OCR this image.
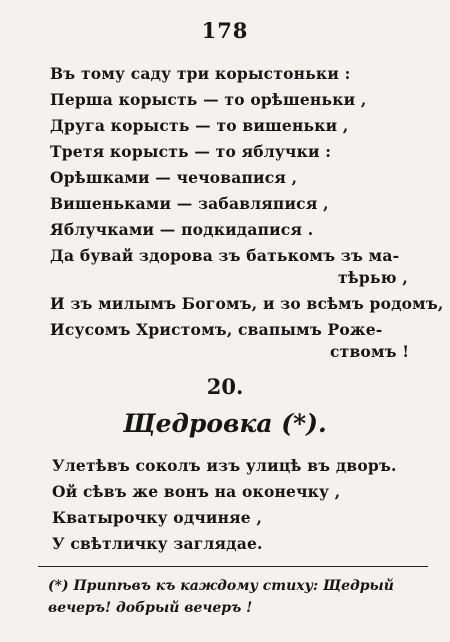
178
Въ тому саду три корыстоньки :
Перша корысть — то орѣшеньки ,
Друга корысть — то вишеньки ,
Третя корысть — то яблучки :
Орѣшками — чечовапися ,
Вишеньками — забавляпися ,
Яблучками — подкидапися .
Да бувай здорова зъ батькомъ зъ ма-
тѣрью ,
И зъ милымъ Богомъ, и зо всѣмъ родомъ,
Исусомъ Христомъ, свапымъ Роже-
ствомъ !
20.
Щедровка (*).
Улетѣвъ соколъ изъ улицѣ въ дворъ.
Ой сѣвъ же вонъ на оконечку ,
Кватырочку одчиняе ,
У свѣтличку заглядае.
(*) Припѣвъ къ каждому стиху: Щедрый
вечеръ! добрый вечеръ !
